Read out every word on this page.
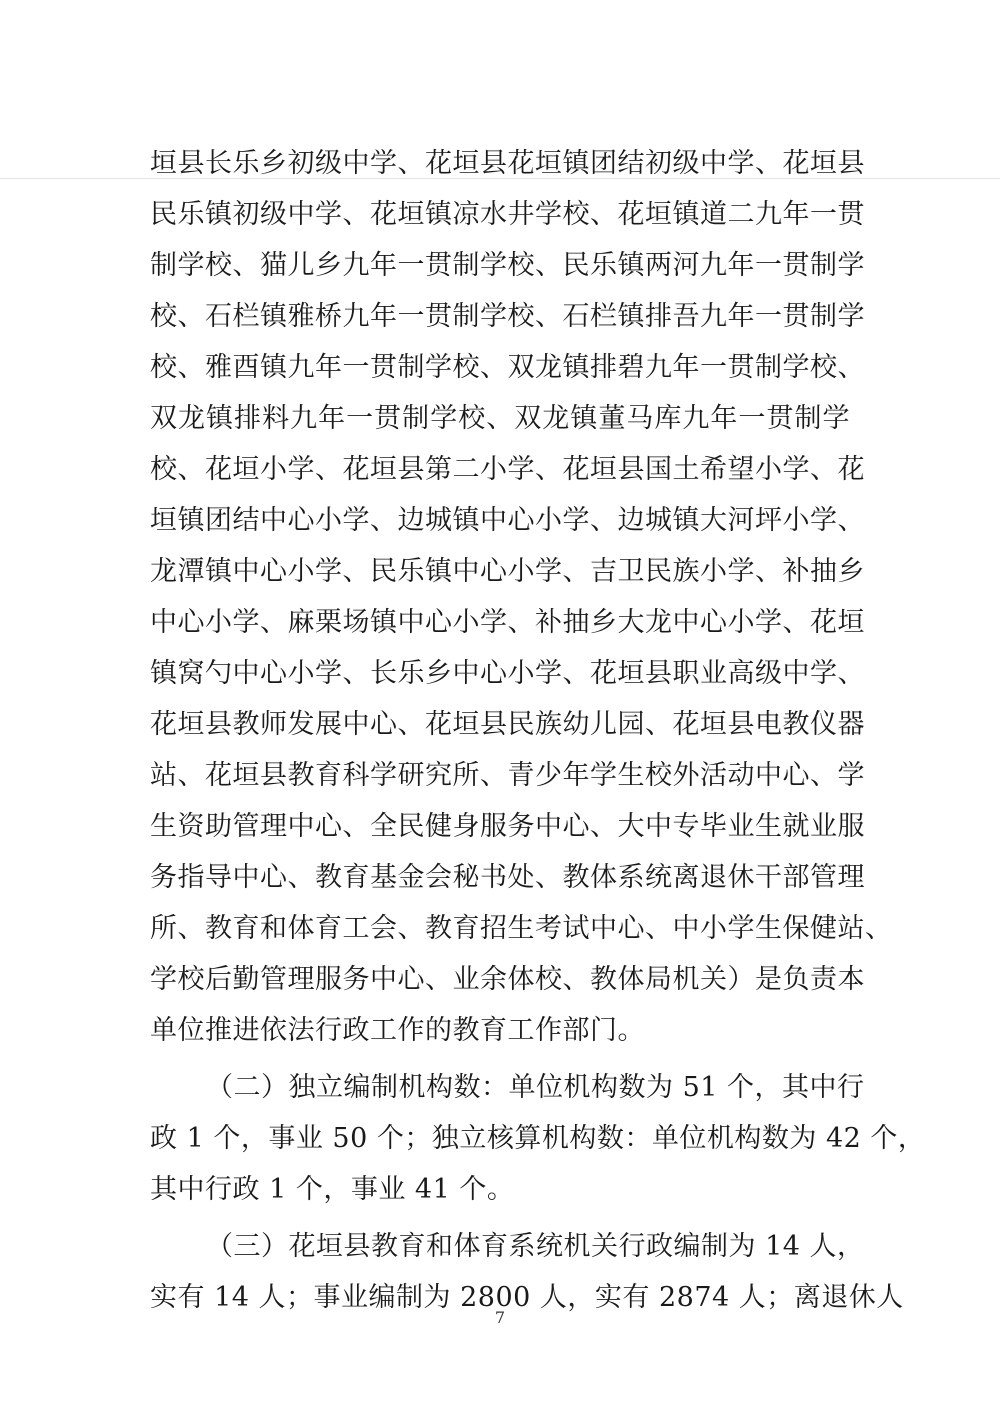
垣县长乐乡初级中学、花垣县花垣镇团结初级中学、花垣县
民乐镇初级中学、花垣镇凉水井学校、花垣镇道二九年一贯
制学校、猫儿乡九年一贯制学校、民乐镇两河九年一贯制学
校、石栏镇雅桥九年一贯制学校、石栏镇排吾九年一贯制学
校、雅酉镇九年一贯制学校、双龙镇排碧九年一贯制学校、
双龙镇排料九年一贯制学校、双龙镇董马库九年一贯制学
校、花垣小学、花垣县第二小学、花垣县国土希望小学、花
垣镇团结中心小学、边城镇中心小学、边城镇大河坪小学、
龙潭镇中心小学、民乐镇中心小学、吉卫民族小学、补抽乡
中心小学、麻栗场镇中心小学、补抽乡大龙中心小学、花垣
镇窝勺中心小学、长乐乡中心小学、花垣县职业高级中学、
花垣县教师发展中心、花垣县民族幼儿园、花垣县电教仪器
站、花垣县教育科学研究所、青少年学生校外活动中心、学
生资助管理中心、全民健身服务中心、大中专毕业生就业服
务指导中心、教育基金会秘书处、教体系统离退休干部管理
所、教育和体育工会、教育招生考试中心、中小学生保健站、
学校后勤管理服务中心、业余体校、教体局机关）是负责本
单位推进依法行政工作的教育工作部门。
（二）独立编制机构数：单位机构数为 51 个，其中行
政 1 个，事业 50 个；独立核算机构数：单位机构数为 42 个，
其中行政 1 个，事业 41 个。
（三）花垣县教育和体育系统机关行政编制为 14 人，
实有 14 人；事业编制为 2800 人，实有 2874 人；离退休人
7
